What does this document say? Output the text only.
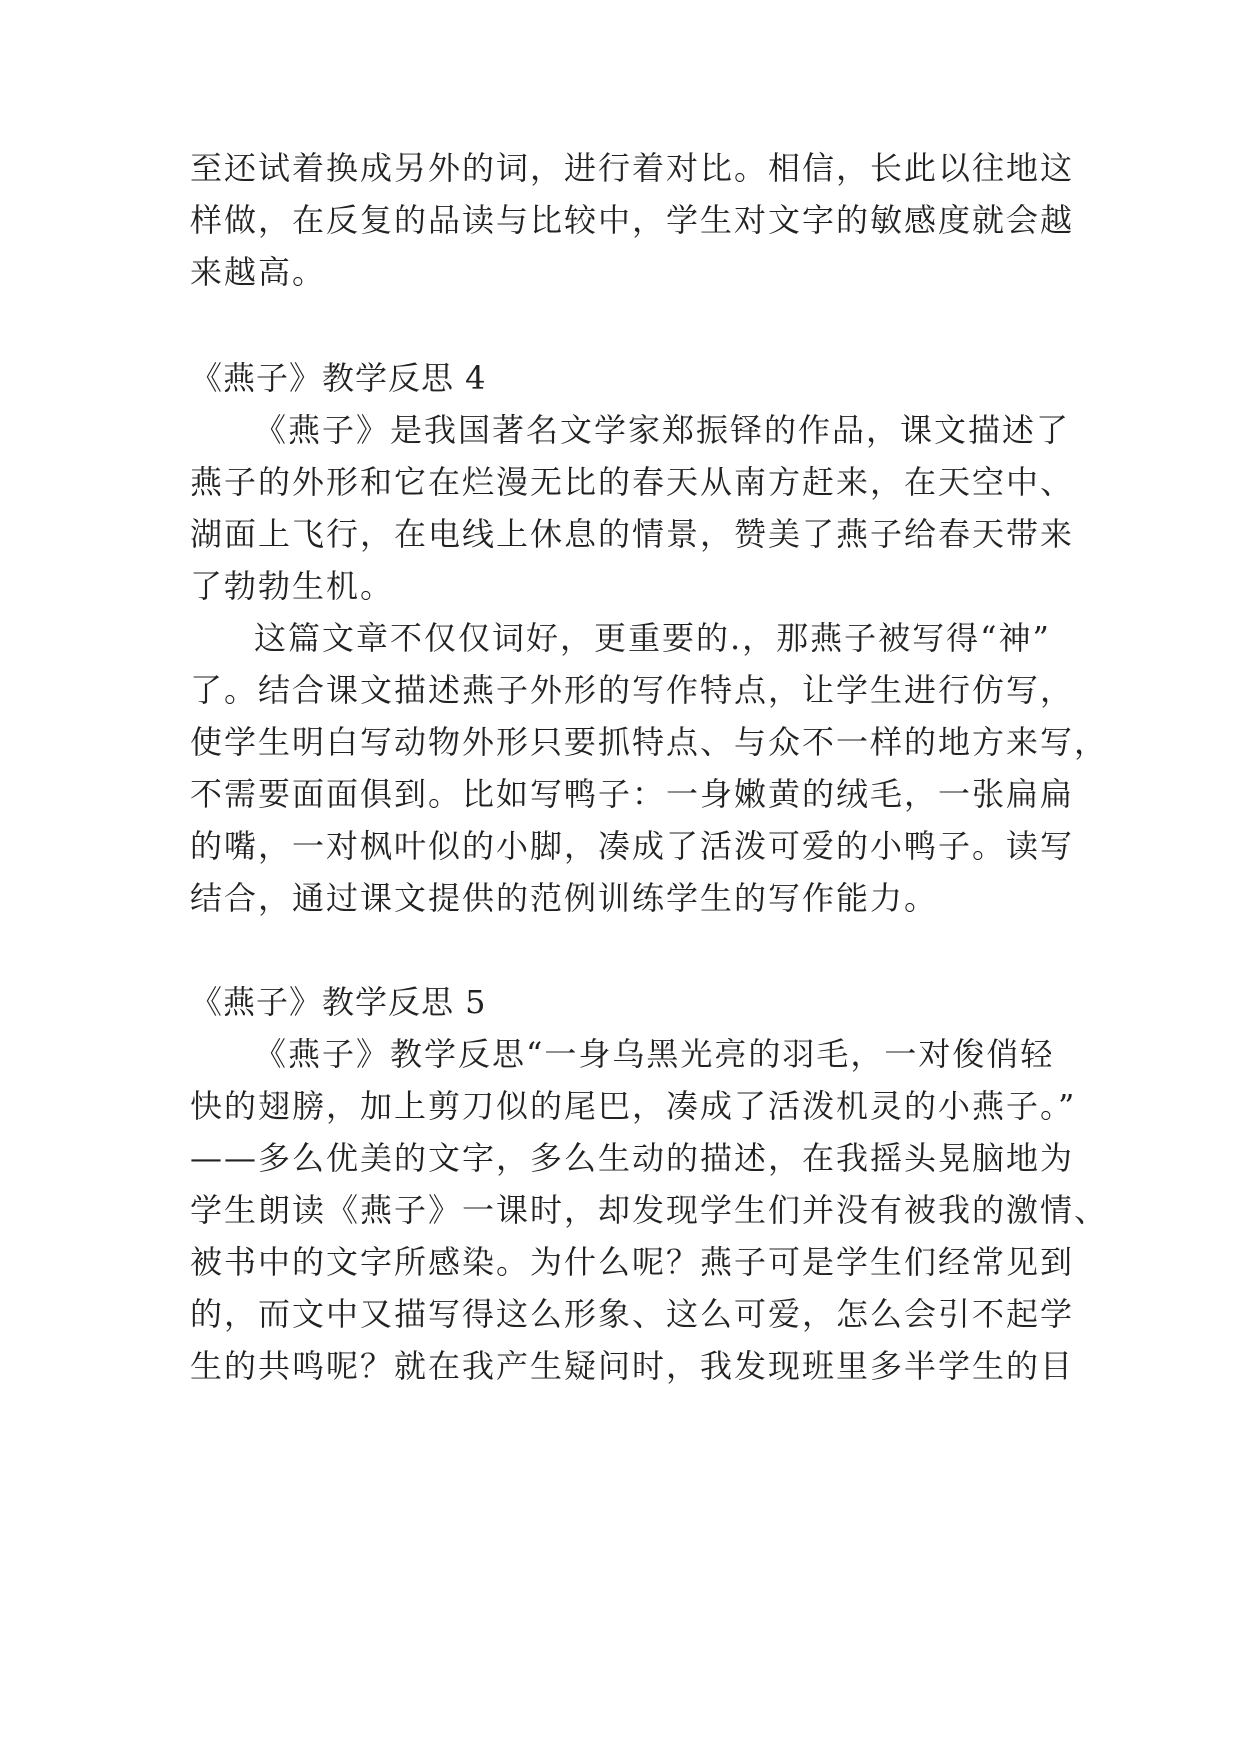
至还试着换成另外的词，进行着对比。相信，长此以往地这
样做，在反复的品读与比较中，学生对文字的敏感度就会越
来越高。
《燕子》教学反思 4
《燕子》是我国著名文学家郑振铎的作品，课文描述了
燕子的外形和它在烂漫无比的春天从南方赶来，在天空中、
湖面上飞行，在电线上休息的情景，赞美了燕子给春天带来
了勃勃生机。
这篇文章不仅仅词好，更重要的.，那燕子被写得“神”
了。结合课文描述燕子外形的写作特点，让学生进行仿写，
使学生明白写动物外形只要抓特点、与众不一样的地方来写，
不需要面面俱到。比如写鸭子：一身嫩黄的绒毛，一张扁扁
的嘴，一对枫叶似的小脚，凑成了活泼可爱的小鸭子。读写
结合，通过课文提供的范例训练学生的写作能力。
《燕子》教学反思 5
《燕子》教学反思“一身乌黑光亮的羽毛，一对俊俏轻
快的翅膀，加上剪刀似的尾巴，凑成了活泼机灵的小燕子。”
——多么优美的文字，多么生动的描述，在我摇头晃脑地为
学生朗读《燕子》一课时，却发现学生们并没有被我的激情、
被书中的文字所感染。为什么呢？燕子可是学生们经常见到
的，而文中又描写得这么形象、这么可爱，怎么会引不起学
生的共鸣呢？就在我产生疑问时，我发现班里多半学生的目
